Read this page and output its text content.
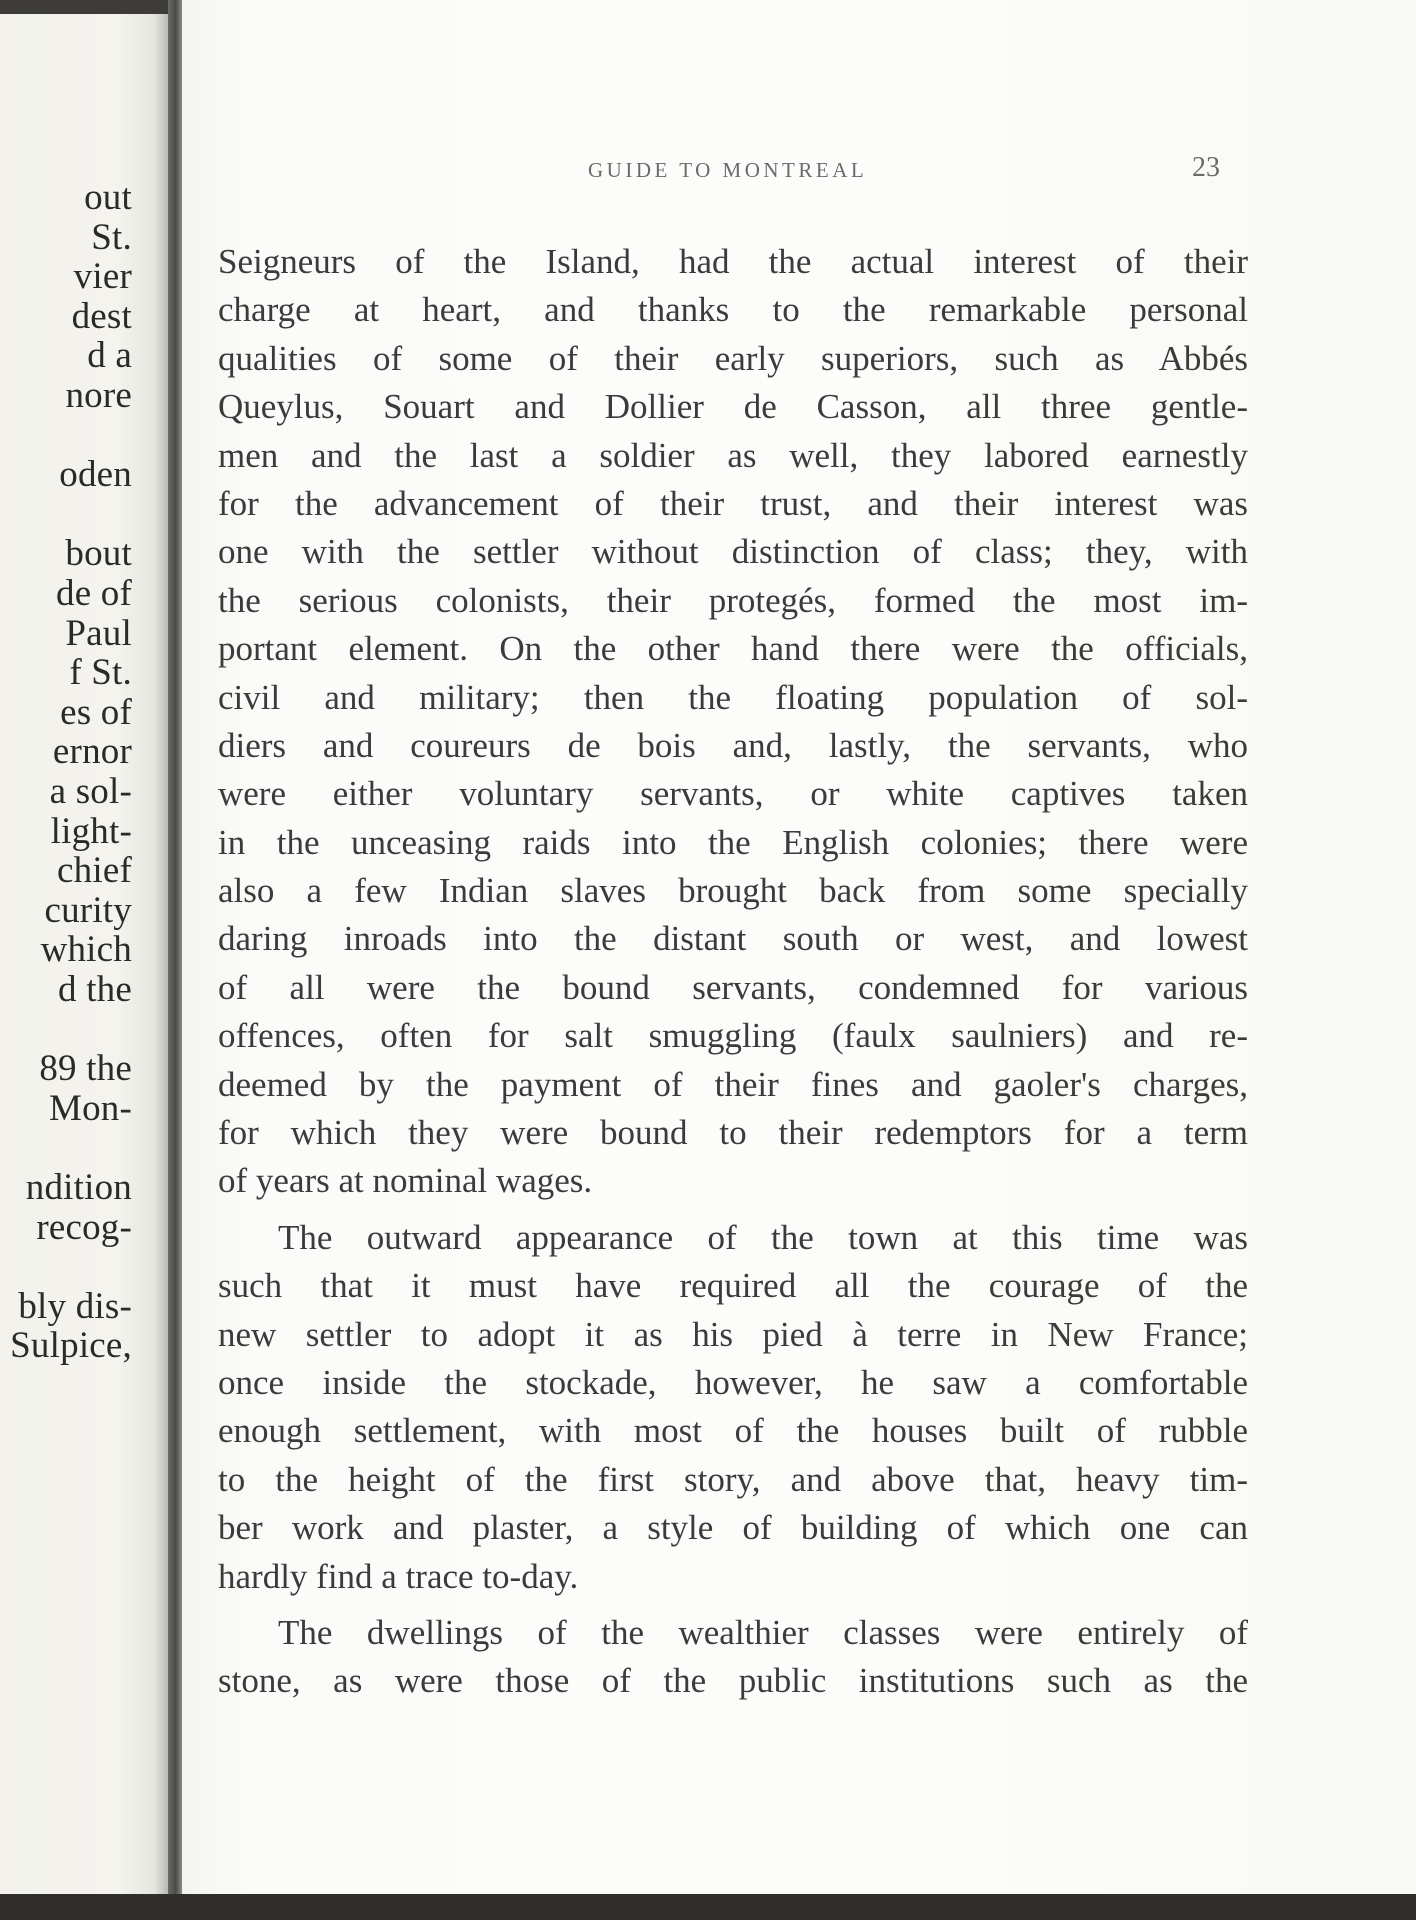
out
St.
vier
dest
d a
nore
oden
bout
de of
Paul
f St.
es of
ernor
a sol-
light-
chief
curity
which
d the
89 the
Mon-
ndition
recog-
bly dis-
Sulpice,
GUIDE TO MONTREAL	23
Seigneurs of the Island, had the actual interest of their
charge at heart, and thanks to the remarkable personal
qualities of some of their early superiors, such as Abbés
Queylus, Souart and Dollier de Casson, all three gentle-
men and the last a soldier as well, they labored earnestly
for the advancement of their trust, and their interest was
one with the settler without distinction of class; they, with
the serious colonists, their protegés, formed the most im-
portant element. On the other hand there were the officials,
civil and military; then the floating population of sol-
diers and coureurs de bois and, lastly, the servants, who
were either voluntary servants, or white captives taken
in the unceasing raids into the English colonies; there were
also a few Indian slaves brought back from some specially
daring inroads into the distant south or west, and lowest
of all were the bound servants, condemned for various
offences, often for salt smuggling (faulx saulniers) and re-
deemed by the payment of their fines and gaoler's charges,
for which they were bound to their redemptors for a term
of years at nominal wages.
The outward appearance of the town at this time was
such that it must have required all the courage of the
new settler to adopt it as his pied à terre in New France;
once inside the stockade, however, he saw a comfortable
enough settlement, with most of the houses built of rubble
to the height of the first story, and above that, heavy tim-
ber work and plaster, a style of building of which one can
hardly find a trace to-day.
The dwellings of the wealthier classes were entirely of
stone, as were those of the public institutions such as the
